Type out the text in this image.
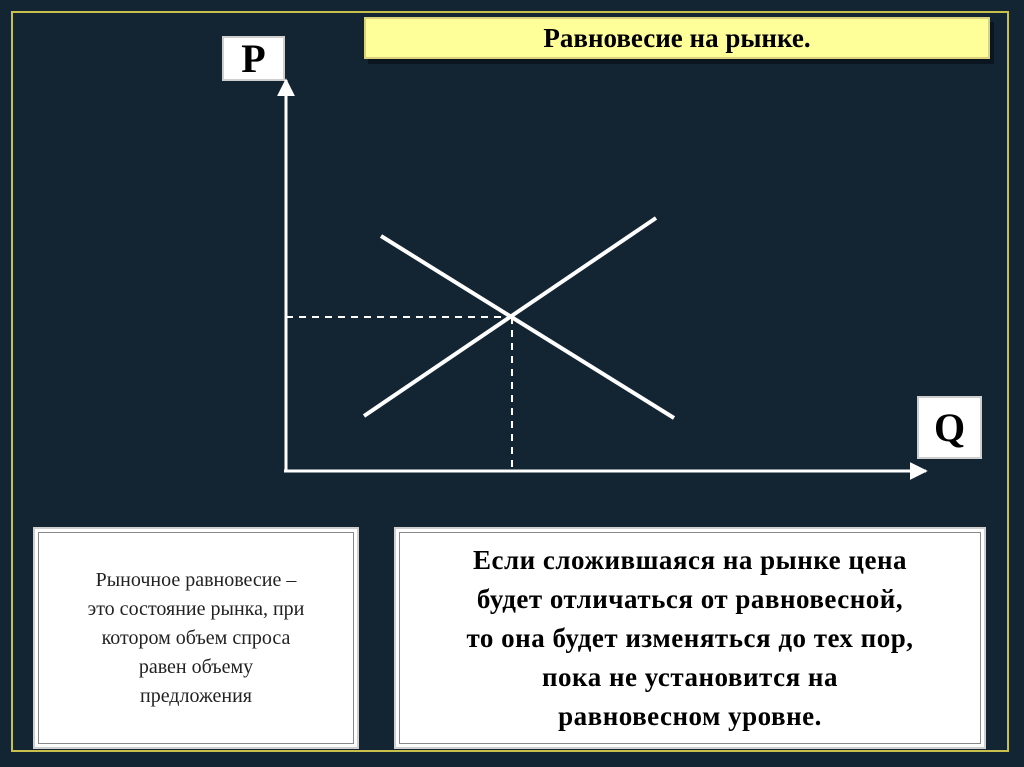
Равновесие на рынке.
P
Q
Рыночное равновесие –
это состояние рынка, при
котором объем спроса
равен объему
предложения
Если сложившаяся на рынке цена
будет отличаться от равновесной,
то она будет изменяться до тех пор,
пока не установится на
равновесном уровне.
